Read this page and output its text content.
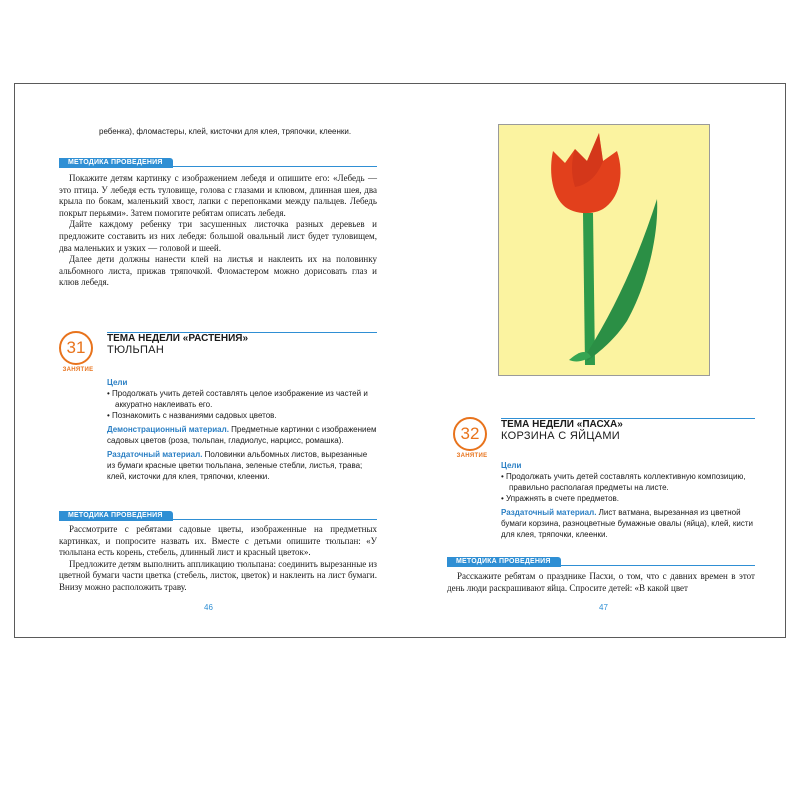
ребенка), фломастеры, клей, кисточки для клея, тряпочки, клеенки.

МЕТОДИКА ПРОВЕДЕНИЯ

Покажите детям картинку с изображением лебедя и опишите его: «Лебедь — это птица. У лебедя есть туловище, голова с глазами и клювом, длинная шея, два крыла по бокам, маленький хвост, лапки с перепонками между пальцев. Лебедь покрыт перьями». Затем помогите ребятам описать лебедя.

Дайте каждому ребенку три засушенных листочка разных деревьев и предложите составить из них лебедя: большой овальный лист будет туловищем, два маленьких и узких — головой и шеей.

Далее дети должны нанести клей на листья и наклеить их на половинку альбомного листа, прижав тряпочкой. Фломастером можно дорисовать глаз и клюв лебедя.

31
ЗАНЯТИЕ
ТЕМА НЕДЕЛИ «РАСТЕНИЯ»
ТЮЛЬПАН

Цели

• Продолжать учить детей составлять целое изображение из частей и аккуратно наклеивать его.

• Познакомить с названиями садовых цветов.

Демонстрационный материал. Предметные картинки с изображением садовых цветов (роза, тюльпан, гладиолус, нарцисс, ромашка).

Раздаточный материал. Половинки альбомных листов, вырезанные из бумаги красные цветки тюльпана, зеленые стебли, листья, трава; клей, кисточки для клея, тряпочки, клеенки.

МЕТОДИКА ПРОВЕДЕНИЯ

Рассмотрите с ребятами садовые цветы, изображенные на предметных картинках, и попросите назвать их. Вместе с детьми опишите тюльпан: «У тюльпана есть корень, стебель, длинный лист и красный цветок».

Предложите детям выполнить аппликацию тюльпана: соединить вырезанные из цветной бумаги части цветка (стебель, листок, цветок) и наклеить на лист бумаги. Внизу можно расположить траву.

46
32
ЗАНЯТИЕ
ТЕМА НЕДЕЛИ «ПАСХА»
КОРЗИНА С ЯЙЦАМИ

Цели

• Продолжать учить детей составлять коллективную композицию, правильно располагая предметы на листе.

• Упражнять в счете предметов.

Раздаточный материал. Лист ватмана, вырезанная из цветной бумаги корзина, разноцветные бумажные овалы (яйца), клей, кисти для клея, тряпочки, клеенки.

МЕТОДИКА ПРОВЕДЕНИЯ

Расскажите ребятам о празднике Пасхи, о том, что с давних времен в этот день люди раскрашивают яйца. Спросите детей: «В какой цвет

47
